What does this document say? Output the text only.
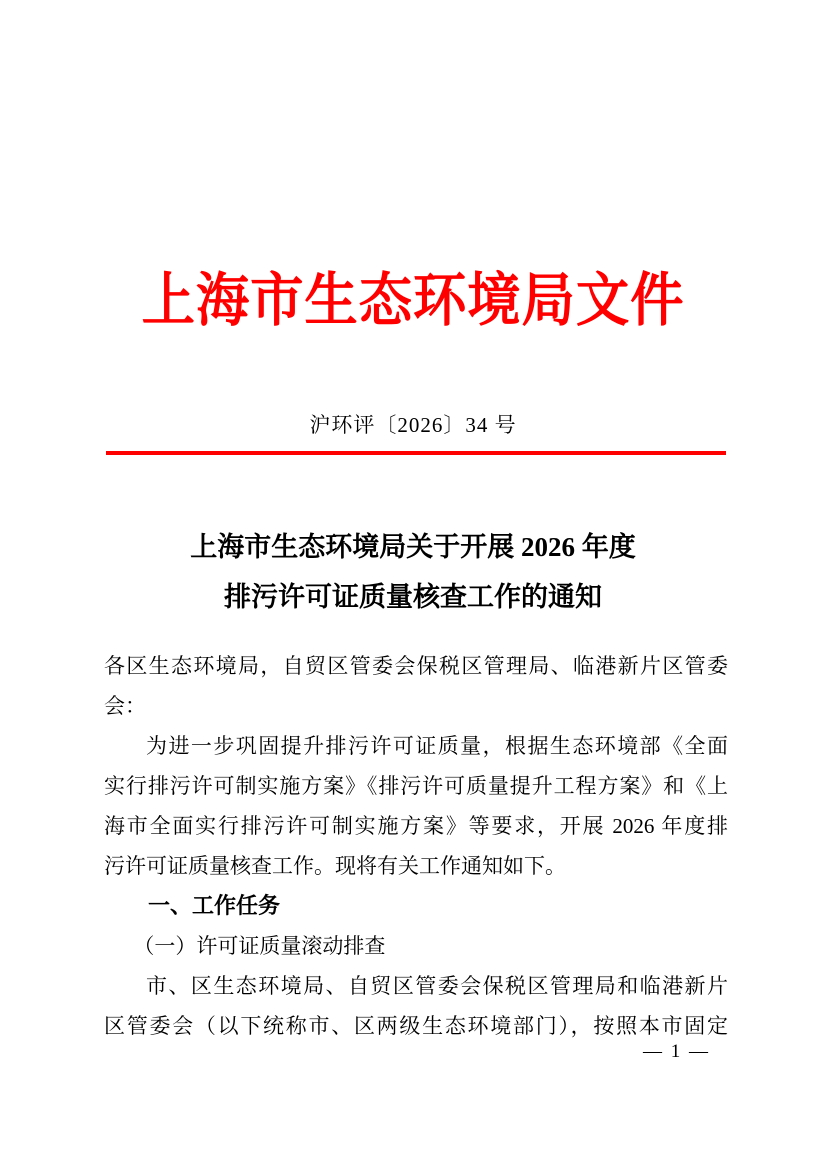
上海市生态环境局文件
沪环评〔2026〕34 号
上海市生态环境局关于开展 2026 年度
排污许可证质量核查工作的通知
各区生态环境局，自贸区管委会保税区管理局、临港新片区管委
会：
为进一步巩固提升排污许可证质量，根据生态环境部《全面
实行排污许可制实施方案》《排污许可质量提升工程方案》和《上
海市全面实行排污许可制实施方案》等要求，开展 2026 年度排
污许可证质量核查工作。现将有关工作通知如下。
一、工作任务
（一）许可证质量滚动排查
市、区生态环境局、自贸区管委会保税区管理局和临港新片
区管委会（以下统称市、区两级生态环境部门），按照本市固定
— 1 —
